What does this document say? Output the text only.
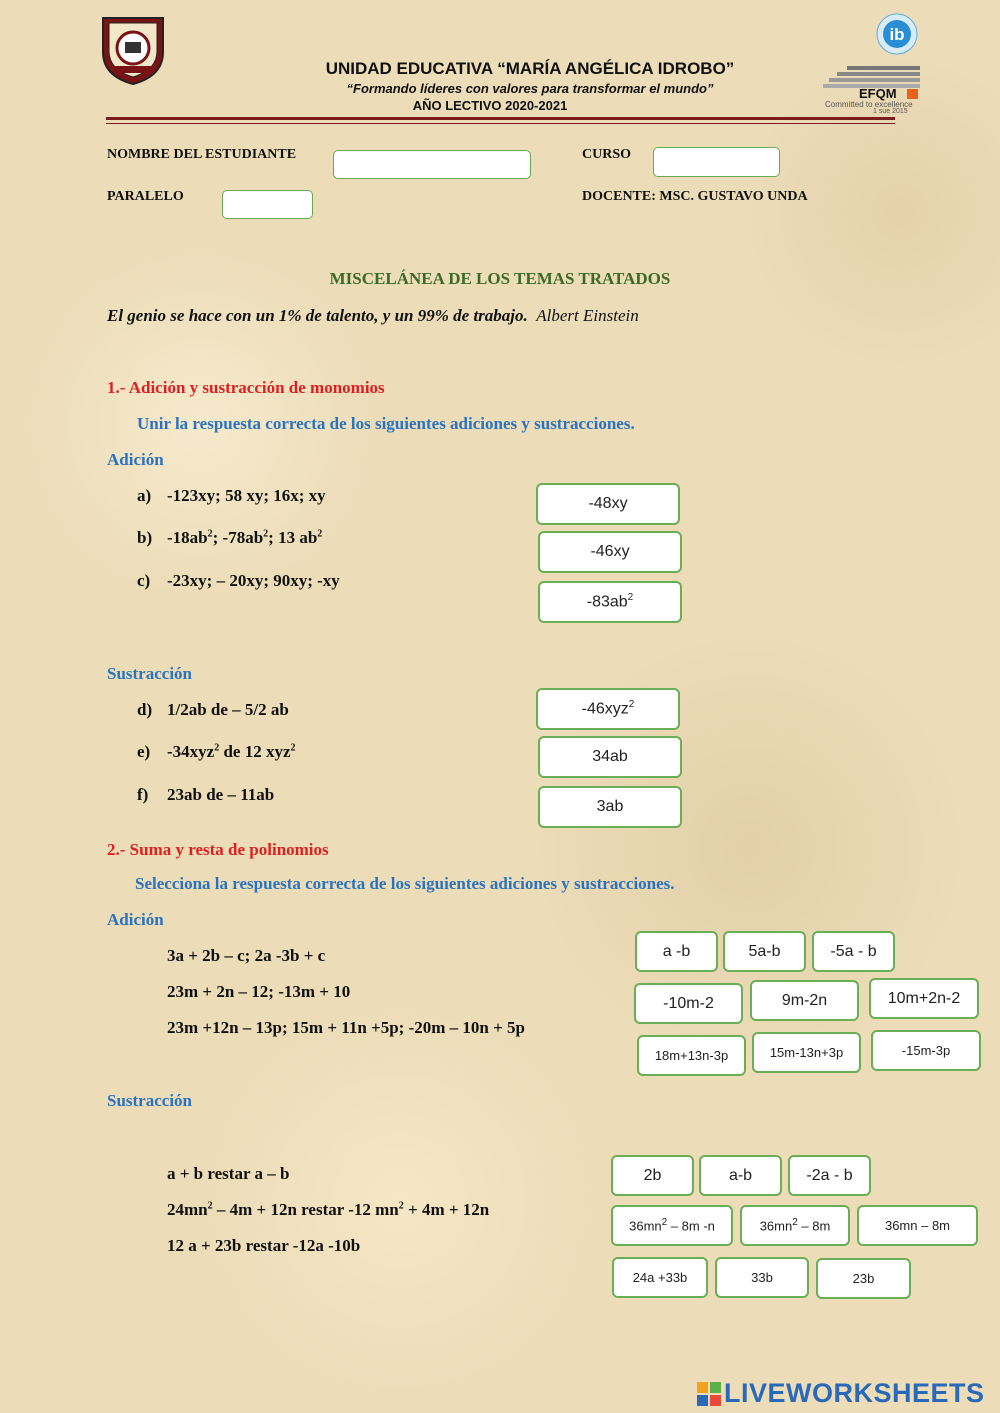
ib
EFQM
Committed to excellence
1 sue 2015
UNIDAD EDUCATIVA “MARÍA ANGÉLICA IDROBO”
“Formando líderes con valores para transformar el mundo”
AÑO LECTIVO 2020-2021
NOMBRE DEL ESTUDIANTE	CURSO
PARALELO	DOCENTE: MSC. GUSTAVO UNDA
MISCELÁNEA DE LOS TEMAS TRATADOS
El genio se hace con un 1% de talento, y un 99% de trabajo. Albert Einstein
1.- Adición y sustracción de monomios
Unir la respuesta correcta de los siguientes adiciones y sustracciones.
Adición
a) -123xy; 58 xy; 16x; xy
b) $-18ab^2$; $-78ab^2$; 13 $ab^2$
c) -23xy; – 20xy; 90xy; -xy
-48xy
-46xy
$-83ab^2$
Sustracción
d) 1/2ab de – 5/2 ab
e) -34xyz$^2$ de 12 xyz$^2$
f) 23ab de – 11ab
-46xyz$^2$
34ab
3ab
2.- Suma y resta de polinomios
Selecciona la respuesta correcta de los siguientes adiciones y sustracciones.
Adición
3a + 2b – c; 2a -3b + c
23m + 2n – 12; -13m + 10
23m +12n – 13p; 15m + 11n +5p; -20m – 10n + 5p
a -b	5a-b	-5a - b
-10m-2	9m-2n	10m+2n-2
18m+13n-3p	15m-13n+3p	-15m-3p
Sustracción
a + b restar a – b
$24mn^2 - 4m + 12n$ restar -12 $mn^2 + 4m + 12n$
12 a + 23b restar -12a -10b
2b	a-b	-2a - b
$36mn^2 - 8m$ -n	$36mn^2 - 8m$	36mn – 8m
24a +33b	33b	23b
LIVEWORKSHEETS
